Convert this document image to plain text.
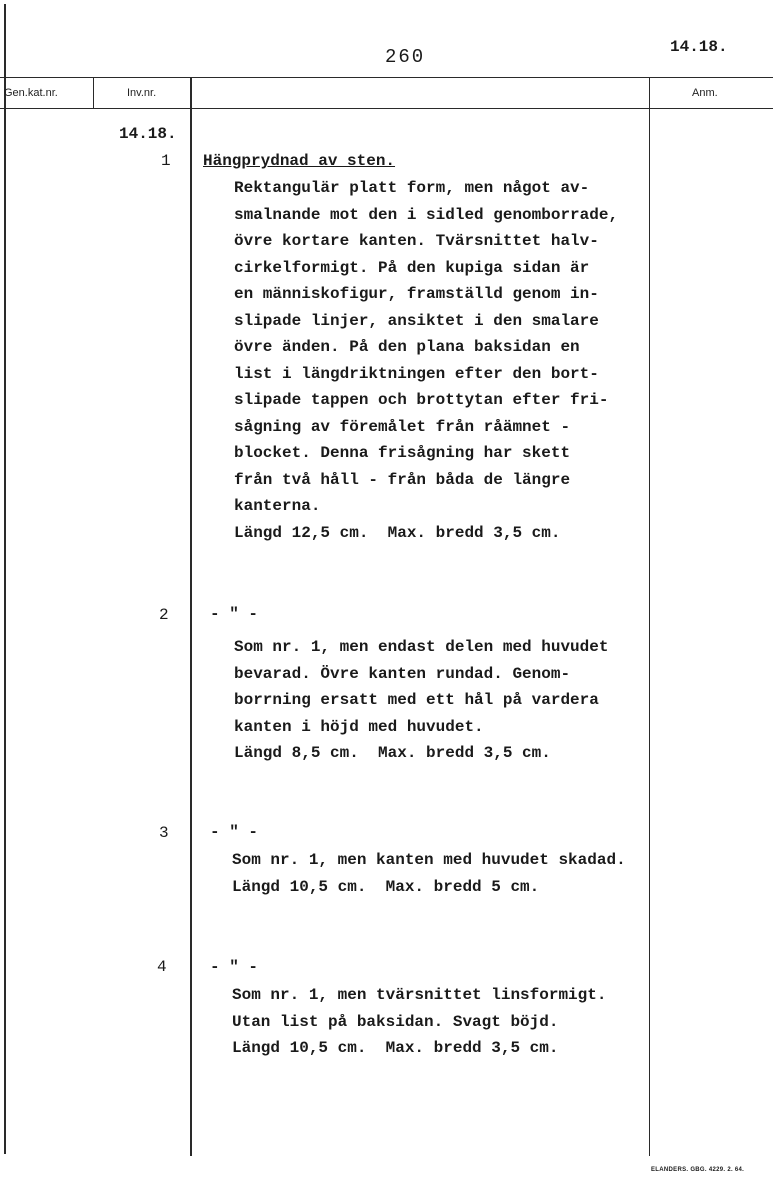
260	14.18.
Gen.kat.nr.	Inv.nr.	Anm.
14.18.
1 Hängprydnad av sten.
Rektangulär platt form, men något av-
smalnande mot den i sidled genomborrade,
övre kortare kanten. Tvärsnittet halv-
cirkelformigt. På den kupiga sidan är
en människofigur, framställd genom in-
slipade linjer, ansiktet i den smalare
övre änden. På den plana baksidan en
list i längdriktningen efter den bort-
slipade tappen och brottytan efter fri-
sågning av föremålet från råämnet -
blocket. Denna frisågning har skett
från två håll - från båda de längre
kanterna.
Längd 12,5 cm.  Max. bredd 3,5 cm.
2	- " -
Som nr. 1, men endast delen med huvudet
bevarad. Övre kanten rundad. Genom-
borrning ersatt med ett hål på vardera
kanten i höjd med huvudet.
Längd 8,5 cm.  Max. bredd 3,5 cm.
3	- " -
Som nr. 1, men kanten med huvudet skadad.
Längd 10,5 cm.  Max. bredd 5 cm.
4	- " -
Som nr. 1, men tvärsnittet linsformigt.
Utan list på baksidan. Svagt böjd.
Längd 10,5 cm.  Max. bredd 3,5 cm.
ELANDERS. GBG. 4229. 2. 64.
